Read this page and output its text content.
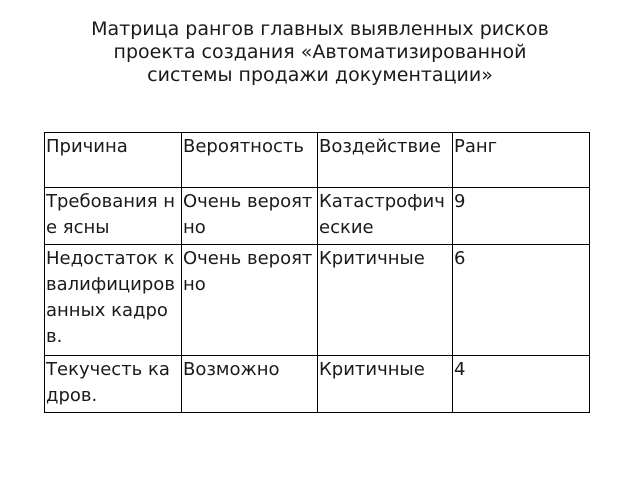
Матрица рангов главных выявленных рисков
проекта создания «Автоматизированной
системы продажи документации»
Причина	Вероятность	Воздействие	Ранг
Требования не ясны	Очень вероятно	Катастрофические	9
Недостаток квалифицированных кадров.	Очень вероятно	Критичные	6
Текучесть кадров.	Возможно	Критичные	4
